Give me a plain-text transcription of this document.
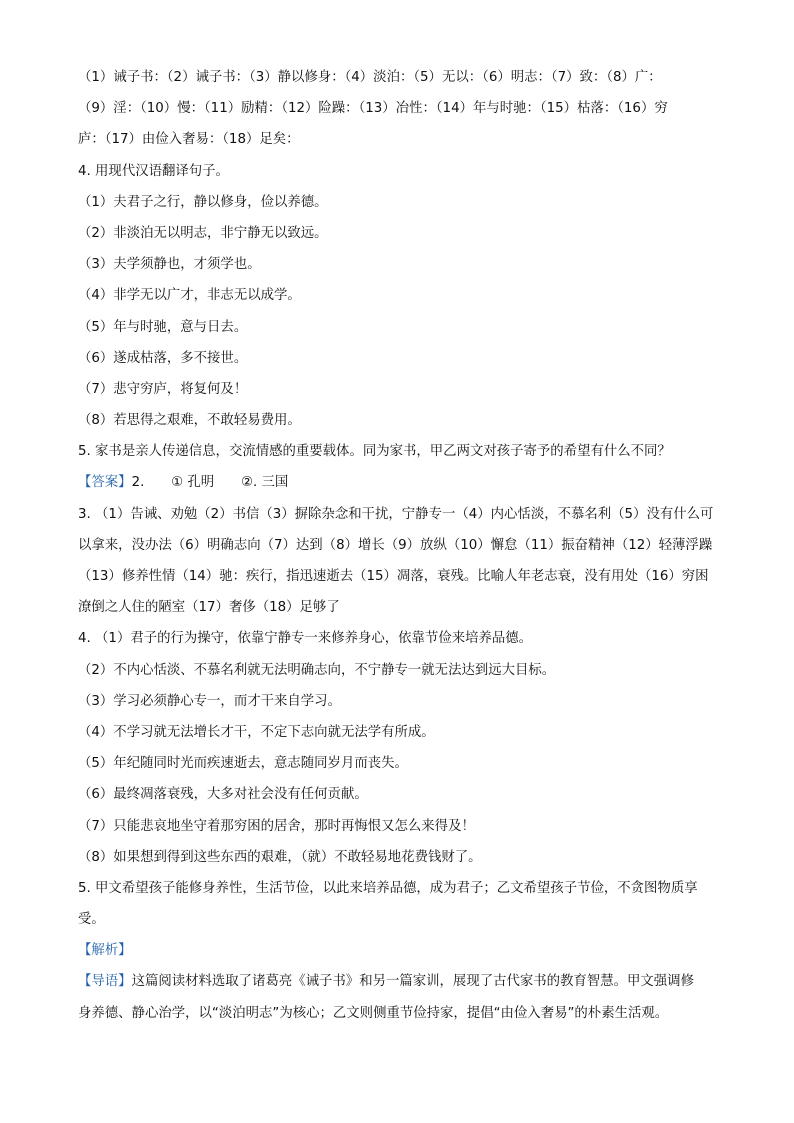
（1）诫子书：（2）诫子书：（3）静以修身：（4）淡泊：（5）无以：（6）明志：（7）致：（8）广：
（9）淫：（10）慢：（11）励精：（12）险躁：（13）冶性：（14）年与时驰：（15）枯落：（16）穷
庐：（17）由俭入奢易：（18）足矣：
4. 用现代汉语翻译句子。
（1）夫君子之行，静以修身，俭以养德。
（2）非淡泊无以明志，非宁静无以致远。
（3）夫学须静也，才须学也。
（4）非学无以广才，非志无以成学。
（5）年与时驰，意与日去。
（6）遂成枯落，多不接世。
（7）悲守穷庐，将复何及！
（8）若思得之艰难，不敢轻易费用。
5. 家书是亲人传递信息，交流情感的重要载体。同为家书，甲乙两文对孩子寄予的希望有什么不同？
【答案】2.　　① 孔明　　②. 三国
3. （1）告诫、劝勉（2）书信（3）摒除杂念和干扰，宁静专一（4）内心恬淡，不慕名利（5）没有什么可
以拿来，没办法（6）明确志向（7）达到（8）增长（9）放纵（10）懈怠（11）振奋精神（12）轻薄浮躁
（13）修养性情（14）驰：疾行，指迅速逝去（15）凋落，衰残。比喻人年老志衰，没有用处（16）穷困
潦倒之人住的陋室（17）奢侈（18）足够了
4. （1）君子的行为操守，依靠宁静专一来修养身心，依靠节俭来培养品德。
（2）不内心恬淡、不慕名利就无法明确志向，不宁静专一就无法达到远大目标。
（3）学习必须静心专一，而才干来自学习。
（4）不学习就无法增长才干，不定下志向就无法学有所成。
（5）年纪随同时光而疾速逝去，意志随同岁月而丧失。
（6）最终凋落衰残，大多对社会没有任何贡献。
（7）只能悲哀地坐守着那穷困的居舍，那时再悔恨又怎么来得及！
（8）如果想到得到这些东西的艰难，（就）不敢轻易地花费钱财了。
5. 甲文希望孩子能修身养性，生活节俭，以此来培养品德，成为君子；乙文希望孩子节俭，不贪图物质享
受。
【解析】
【导语】这篇阅读材料选取了诸葛亮《诫子书》和另一篇家训，展现了古代家书的教育智慧。甲文强调修
身养德、静心治学，以“淡泊明志”为核心；乙文则侧重节俭持家，提倡“由俭入奢易”的朴素生活观。
